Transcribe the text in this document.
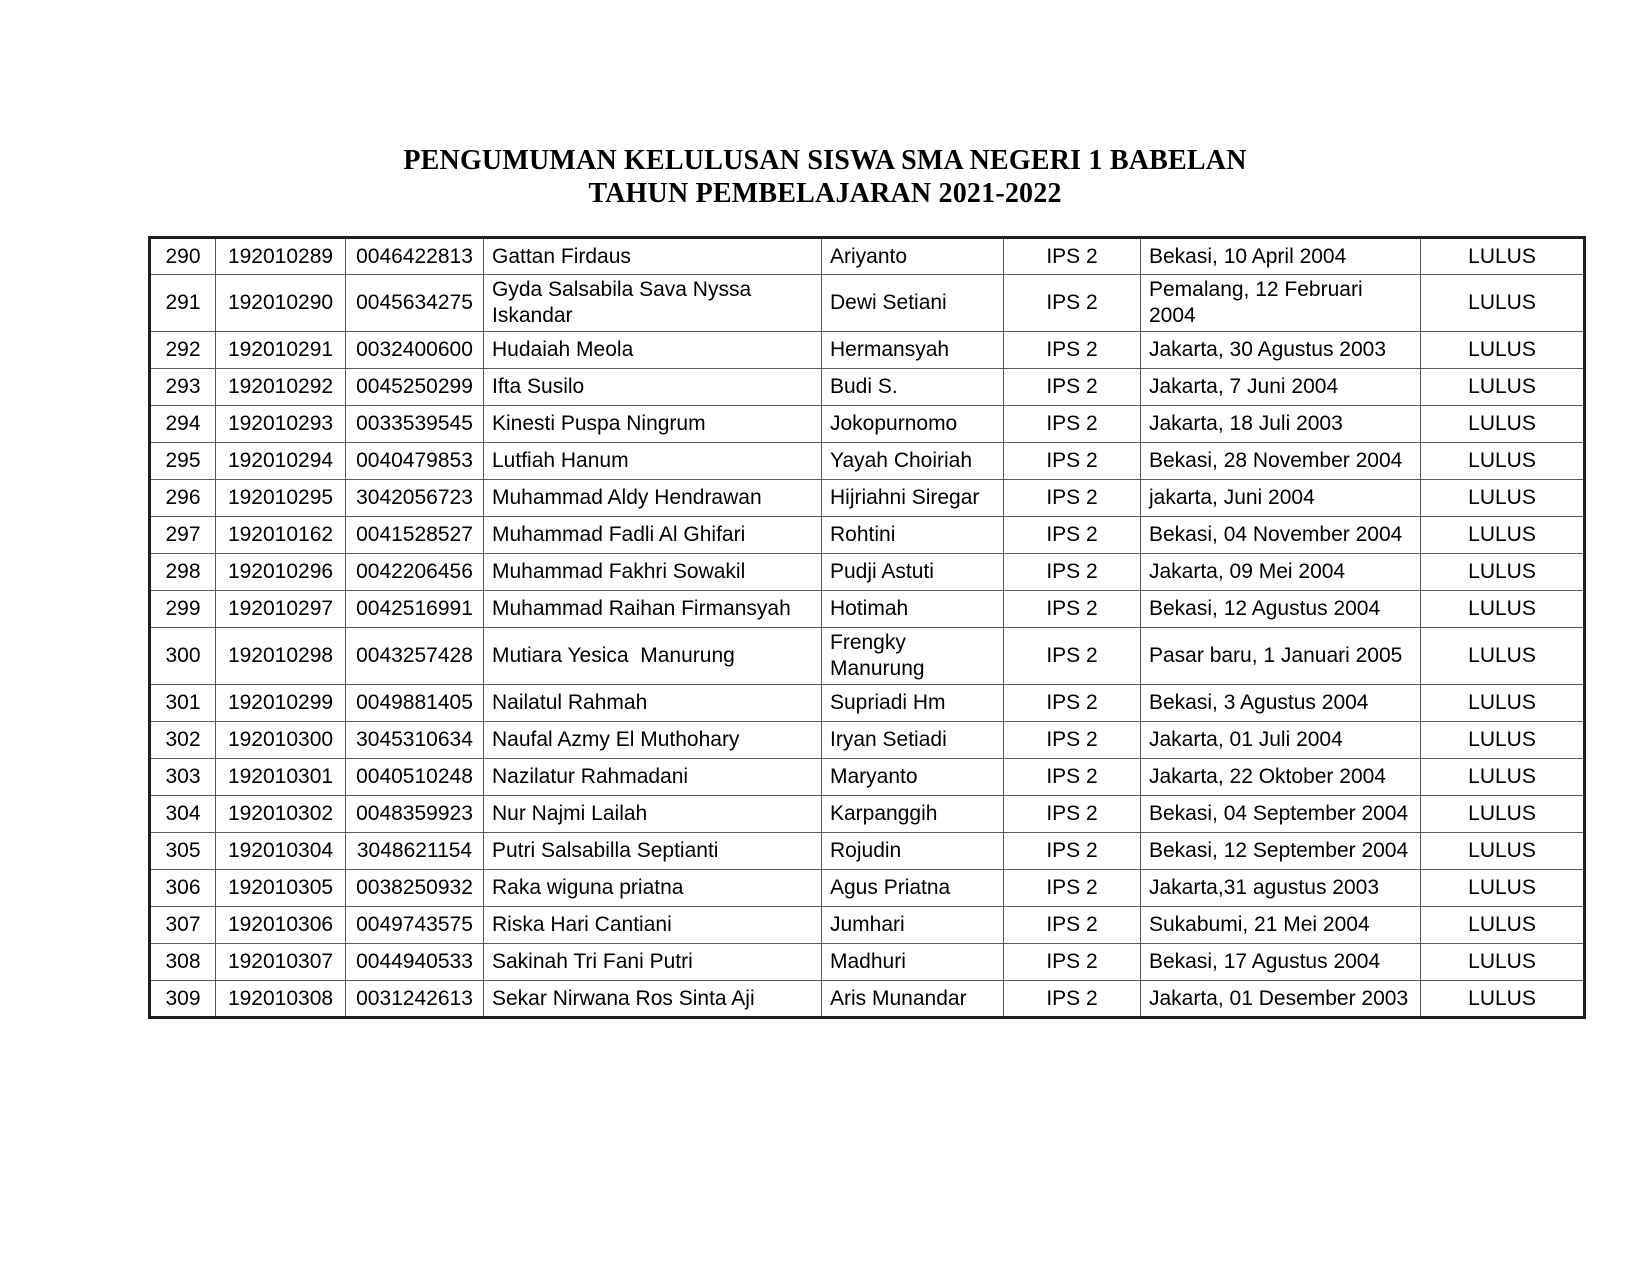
PENGUMUMAN KELULUSAN SISWA SMA NEGERI 1 BABELAN
TAHUN PEMBELAJARAN 2021-2022
290	192010289	0046422813	Gattan Firdaus	Ariyanto	IPS 2	Bekasi, 10 April 2004	LULUS
291	192010290	0045634275	Gyda Salsabila Sava Nyssa Iskandar	Dewi Setiani	IPS 2	Pemalang, 12 Februari 2004	LULUS
292	192010291	0032400600	Hudaiah Meola	Hermansyah	IPS 2	Jakarta, 30 Agustus 2003	LULUS
293	192010292	0045250299	Ifta Susilo	Budi S.	IPS 2	Jakarta, 7 Juni 2004	LULUS
294	192010293	0033539545	Kinesti Puspa Ningrum	Jokopurnomo	IPS 2	Jakarta, 18 Juli 2003	LULUS
295	192010294	0040479853	Lutfiah Hanum	Yayah Choiriah	IPS 2	Bekasi, 28 November 2004	LULUS
296	192010295	3042056723	Muhammad Aldy Hendrawan	Hijriahni Siregar	IPS 2	jakarta, Juni 2004	LULUS
297	192010162	0041528527	Muhammad Fadli Al Ghifari	Rohtini	IPS 2	Bekasi, 04 November 2004	LULUS
298	192010296	0042206456	Muhammad Fakhri Sowakil	Pudji Astuti	IPS 2	Jakarta, 09 Mei 2004	LULUS
299	192010297	0042516991	Muhammad Raihan Firmansyah	Hotimah	IPS 2	Bekasi, 12 Agustus 2004	LULUS
300	192010298	0043257428	Mutiara Yesica  Manurung	Frengky Manurung	IPS 2	Pasar baru, 1 Januari 2005	LULUS
301	192010299	0049881405	Nailatul Rahmah	Supriadi Hm	IPS 2	Bekasi, 3 Agustus 2004	LULUS
302	192010300	3045310634	Naufal Azmy El Muthohary	Iryan Setiadi	IPS 2	Jakarta, 01 Juli 2004	LULUS
303	192010301	0040510248	Nazilatur Rahmadani	Maryanto	IPS 2	Jakarta, 22 Oktober 2004	LULUS
304	192010302	0048359923	Nur Najmi Lailah	Karpanggih	IPS 2	Bekasi, 04 September 2004	LULUS
305	192010304	3048621154	Putri Salsabilla Septianti	Rojudin	IPS 2	Bekasi, 12 September 2004	LULUS
306	192010305	0038250932	Raka wiguna priatna	Agus Priatna	IPS 2	Jakarta,31 agustus 2003	LULUS
307	192010306	0049743575	Riska Hari Cantiani	Jumhari	IPS 2	Sukabumi, 21 Mei 2004	LULUS
308	192010307	0044940533	Sakinah Tri Fani Putri	Madhuri	IPS 2	Bekasi, 17 Agustus 2004	LULUS
309	192010308	0031242613	Sekar Nirwana Ros Sinta Aji	Aris Munandar	IPS 2	Jakarta, 01 Desember 2003	LULUS
